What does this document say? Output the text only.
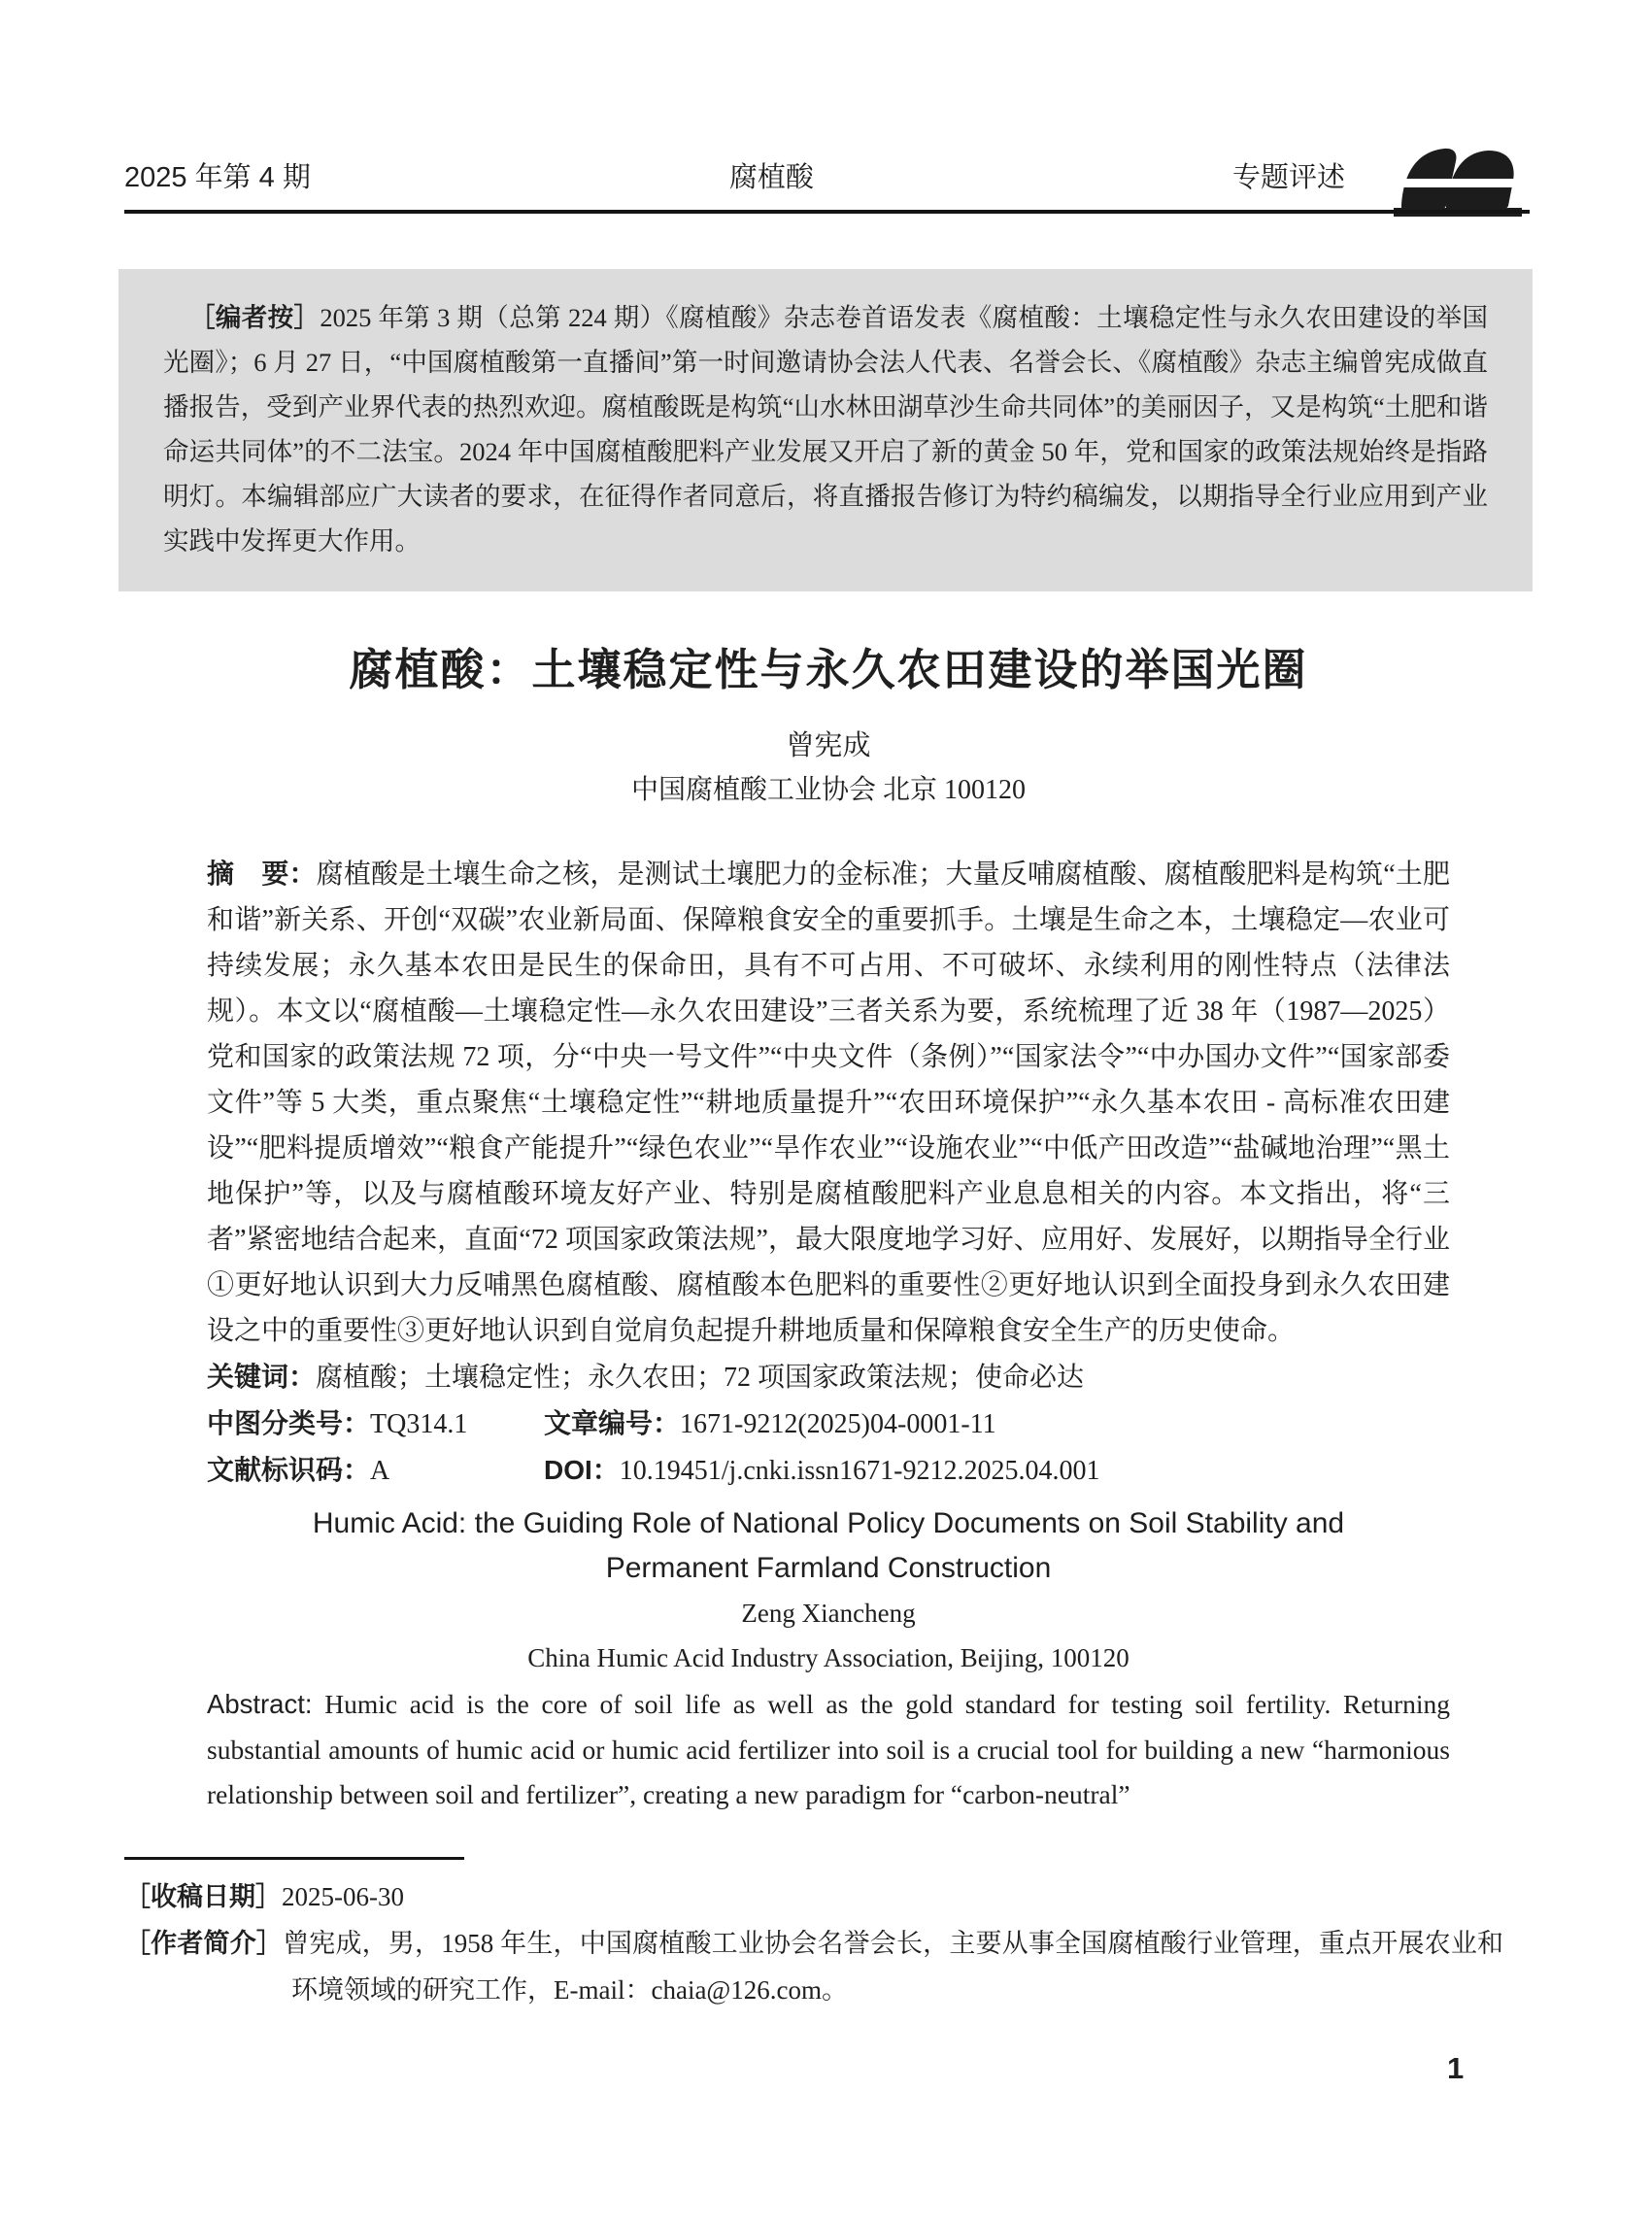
2025 年第 4 期	腐植酸	专题评述

［编者按］2025 年第 3 期（总第 224 期）《腐植酸》杂志卷首语发表《腐植酸：土壤稳定性与永久农田建设的举国光圈》；6 月 27 日，“中国腐植酸第一直播间”第一时间邀请协会法人代表、名誉会长、《腐植酸》杂志主编曾宪成做直播报告，受到产业界代表的热烈欢迎。腐植酸既是构筑“山水林田湖草沙生命共同体”的美丽因子，又是构筑“土肥和谐命运共同体”的不二法宝。2024 年中国腐植酸肥料产业发展又开启了新的黄金 50 年，党和国家的政策法规始终是指路明灯。本编辑部应广大读者的要求，在征得作者同意后，将直播报告修订为特约稿编发，以期指导全行业应用到产业实践中发挥更大作用。

腐植酸：土壤稳定性与永久农田建设的举国光圈
曾宪成
中国腐植酸工业协会 北京 100120

摘　要：腐植酸是土壤生命之核，是测试土壤肥力的金标准；大量反哺腐植酸、腐植酸肥料是构筑“土肥和谐”新关系、开创“双碳”农业新局面、保障粮食安全的重要抓手。土壤是生命之本，土壤稳定—农业可持续发展；永久基本农田是民生的保命田，具有不可占用、不可破坏、永续利用的刚性特点（法律法规）。本文以“腐植酸—土壤稳定性—永久农田建设”三者关系为要，系统梳理了近 38 年（1987—2025）党和国家的政策法规 72 项，分“中央一号文件”“中央文件（条例）”“国家法令”“中办国办文件”“国家部委文件”等 5 大类，重点聚焦“土壤稳定性”“耕地质量提升”“农田环境保护”“永久基本农田 - 高标准农田建设”“肥料提质增效”“粮食产能提升”“绿色农业”“旱作农业”“设施农业”“中低产田改造”“盐碱地治理”“黑土地保护”等，以及与腐植酸环境友好产业、特别是腐植酸肥料产业息息相关的内容。本文指出，将“三者”紧密地结合起来，直面“72 项国家政策法规”，最大限度地学习好、应用好、发展好，以期指导全行业①更好地认识到大力反哺黑色腐植酸、腐植酸本色肥料的重要性②更好地认识到全面投身到永久农田建设之中的重要性③更好地认识到自觉肩负起提升耕地质量和保障粮食安全生产的历史使命。

关键词：腐植酸；土壤稳定性；永久农田；72 项国家政策法规；使命必达

中图分类号：TQ314.1	文章编号：1671-9212(2025)04-0001-11
文献标识码：A	DOI：10.19451/j.cnki.issn1671-9212.2025.04.001
Humic Acid: the Guiding Role of National Policy Documents on Soil Stability and
Permanent Farmland Construction
Zeng Xiancheng
China Humic Acid Industry Association, Beijing, 100120

Abstract: Humic acid is the core of soil life as well as the gold standard for testing soil fertility. Returning substantial amounts of humic acid or humic acid fertilizer into soil is a crucial tool for building a new “harmonious relationship between soil and fertilizer”, creating a new paradigm for “carbon-neutral”

［收稿日期］2025-06-30

［作者简介］曾宪成，男，1958 年生，中国腐植酸工业协会名誉会长，主要从事全国腐植酸行业管理，重点开展农业和环境领域的研究工作，E-mail：chaia@126.com。

1
